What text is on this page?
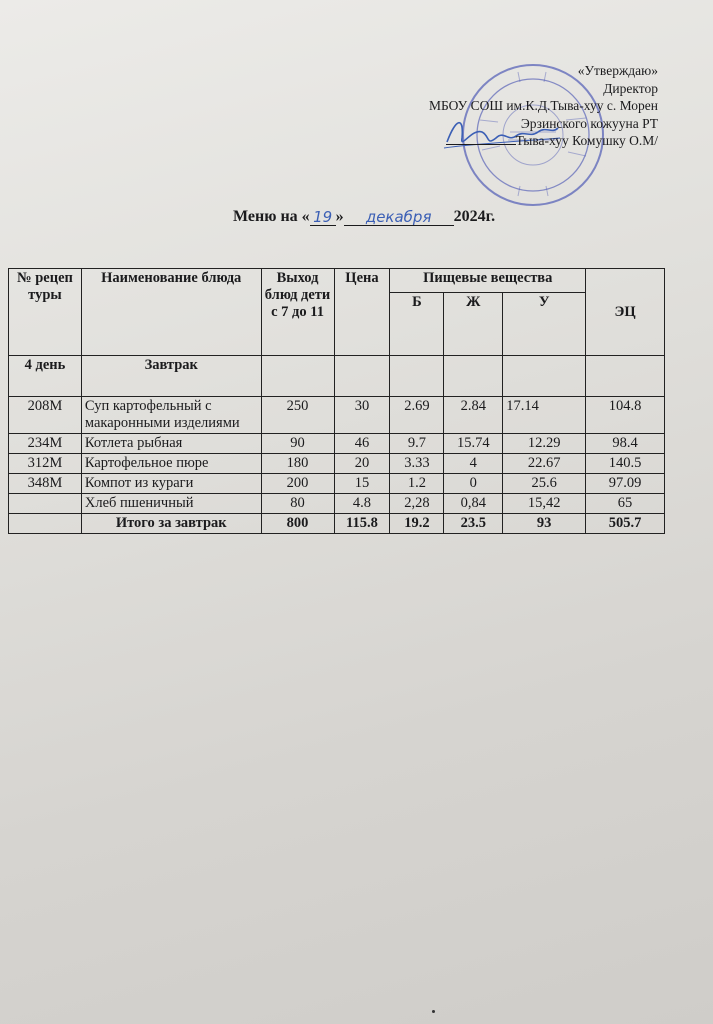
«Утверждаю»
Директор
МБОУ СОШ им.К.Д.Тыва-хуу с. Морен
Эрзинского кожууна РТ
Тыва-хуу Комушку О.М/
Меню на « 19 » декабря 2024г.
№ рецеп туры	Наименование блюда	Выход блюд дети с 7 до 11	Цена	Пищевые вещества			ЭЦ
				Б	Ж	У	
4 день	Завтрак						
208М	Суп картофельный с макаронными изделиями	250	30	2.69	2.84	17.14	104.8
234М	Котлета рыбная	90	46	9.7	15.74	12.29	98.4
312М	Картофельное пюре	180	20	3.33	4	22.67	140.5
348М	Компот из кураги	200	15	1.2	0	25.6	97.09
	Хлеб пшеничный	80	4.8	2,28	0,84	15,42	65
	Итого за завтрак	800	115.8	19.2	23.5	93	505.7
